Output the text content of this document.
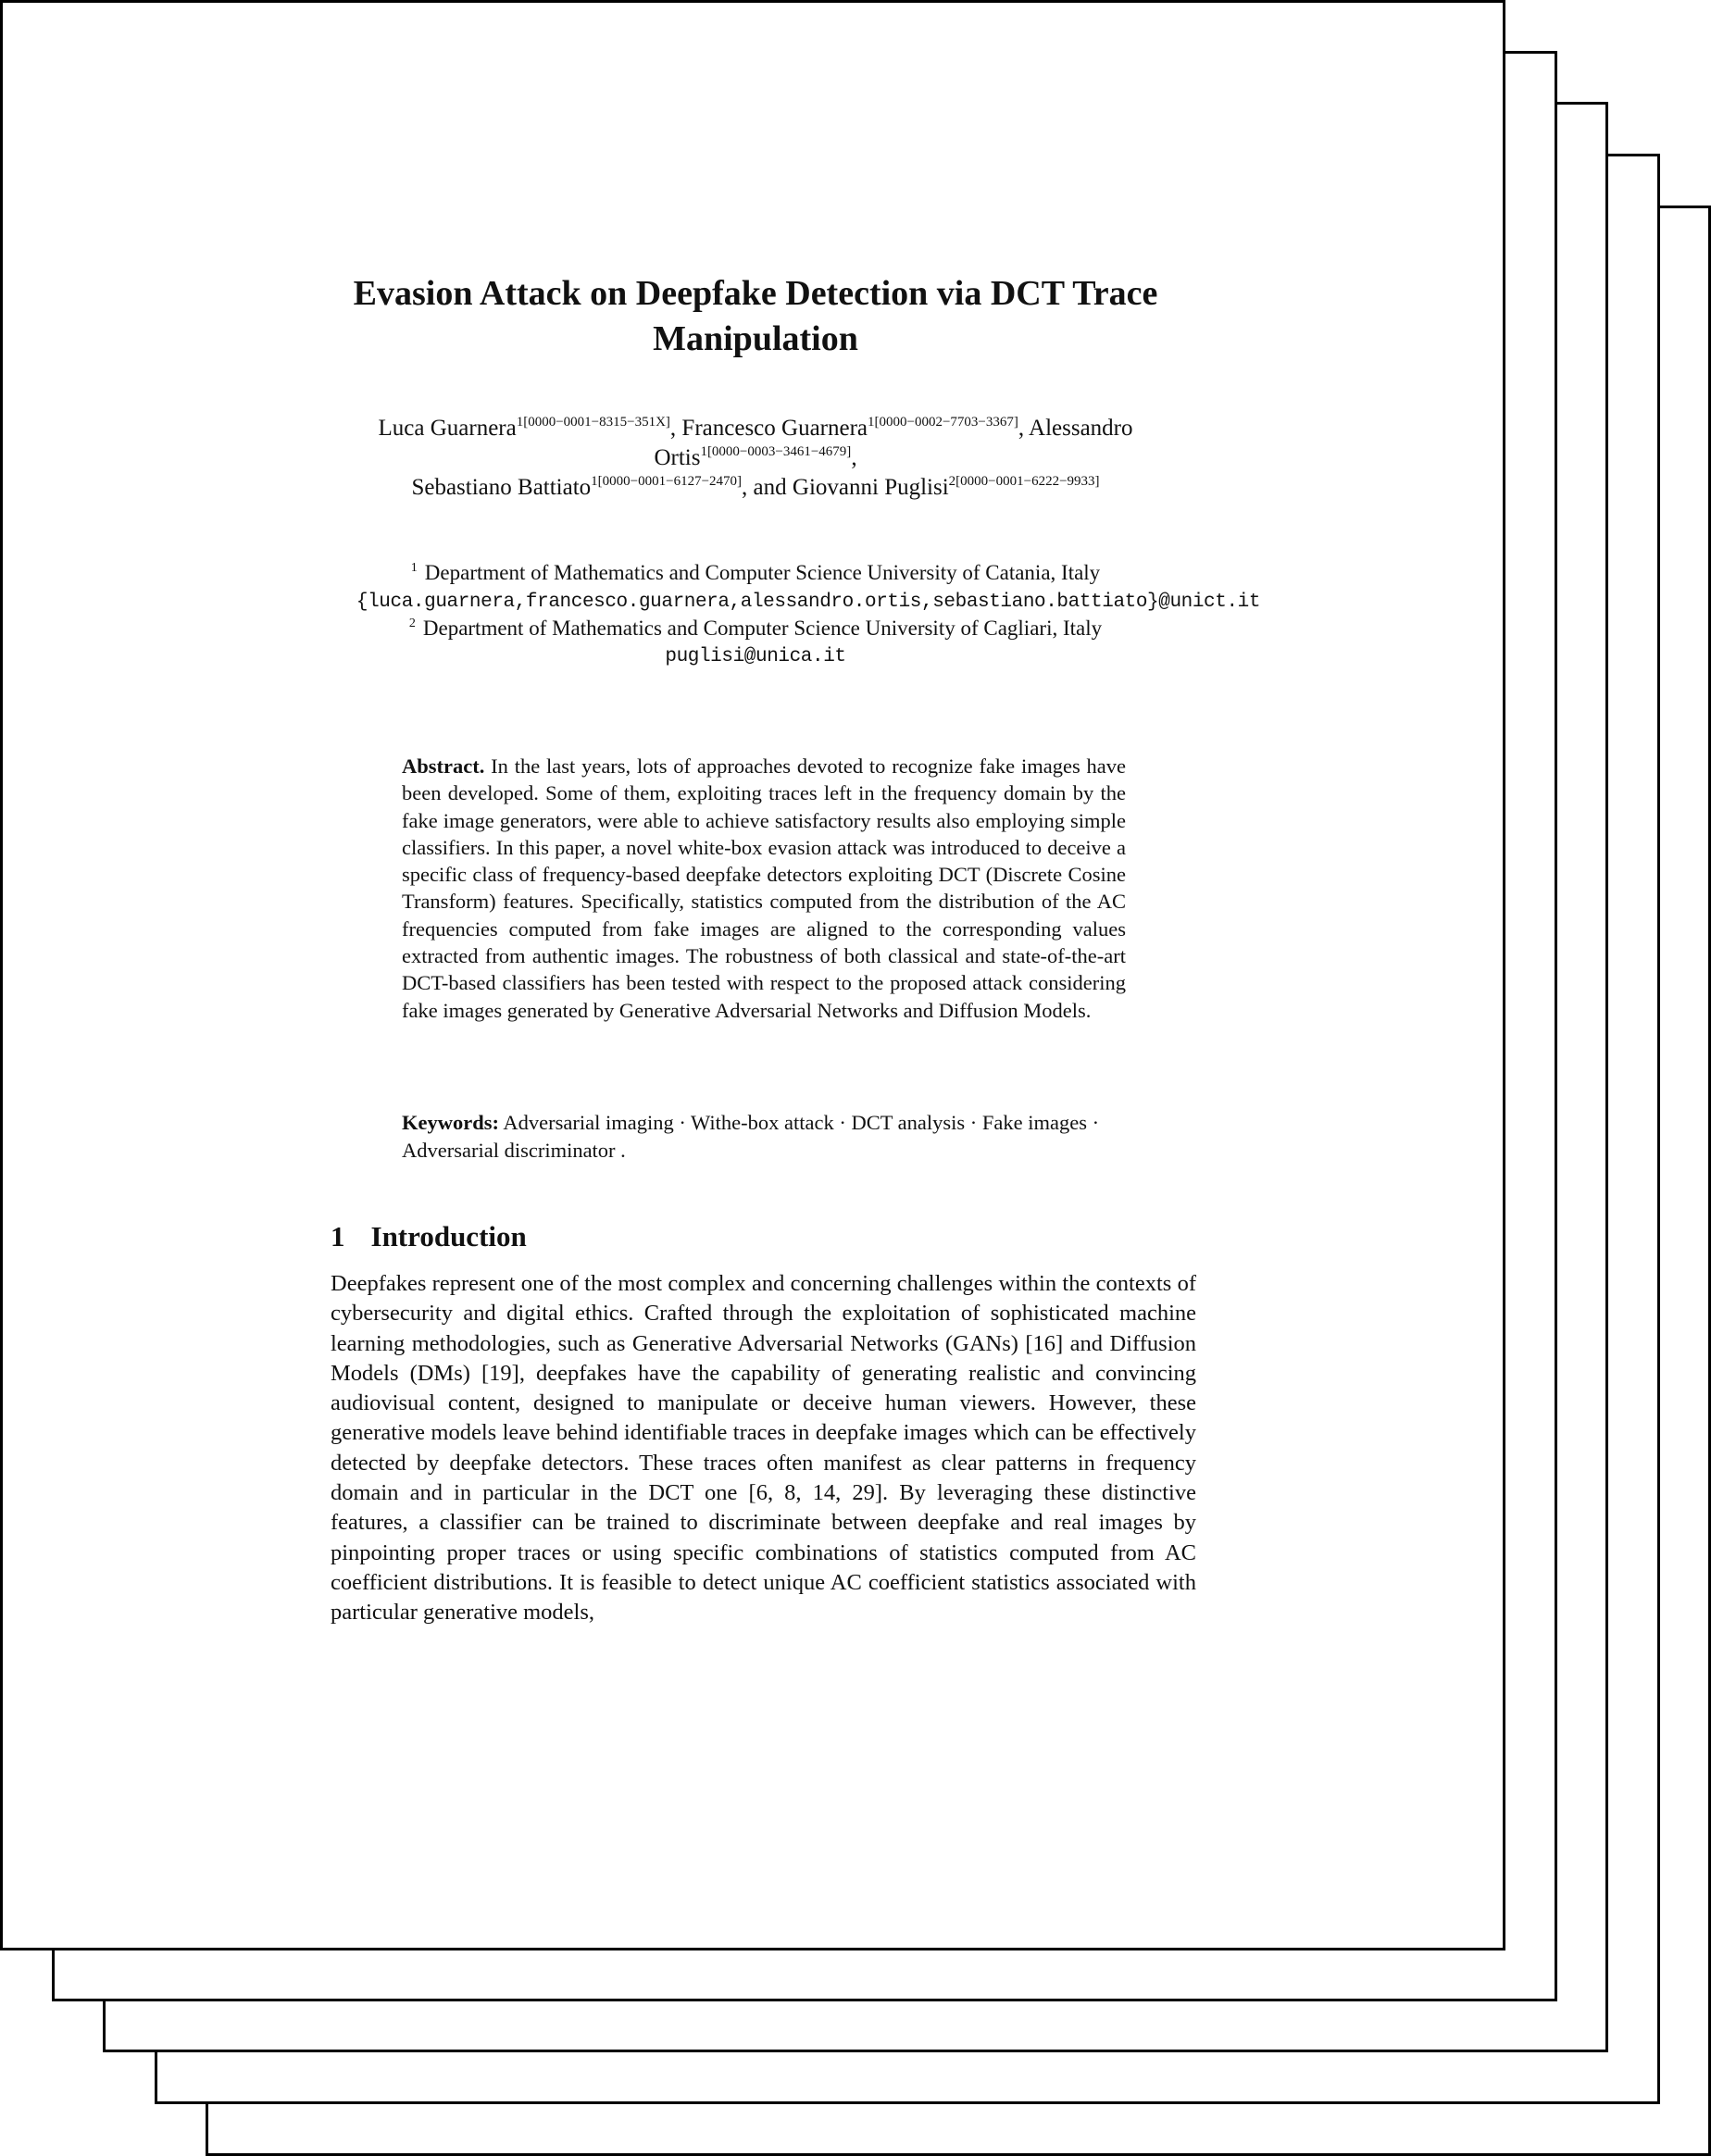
Evasion Attack on Deepfake Detection via DCT Trace Manipulation
Luca Guarnera$^{1[0000-0001-8315-351X]}$, Francesco Guarnera$^{1[0000-0002-7703-3367]}$, Alessandro Ortis$^{1[0000-0003-3461-4679]}$,
Sebastiano Battiato$^{1[0000-0001-6127-2470]}$, and Giovanni Puglisi$^{2[0000-0001-6222-9933]}$
$^1$ Department of Mathematics and Computer Science University of Catania, Italy
{luca.guarnera,francesco.guarnera,alessandro.ortis,sebastiano.battiato}@unict.it
$^2$ Department of Mathematics and Computer Science University of Cagliari, Italy
puglisi@unica.it

Abstract. In the last years, lots of approaches devoted to recognize fake images have been developed. Some of them, exploiting traces left in the frequency domain by the fake image generators, were able to achieve satisfactory results also employing simple classifiers. In this paper, a novel white-box evasion attack was introduced to deceive a specific class of frequency-based deepfake detectors exploiting DCT (Discrete Cosine Transform) features. Specifically, statistics computed from the distribution of the AC frequencies computed from fake images are aligned to the corresponding values extracted from authentic images. The robustness of both classical and state-of-the-art DCT-based classifiers has been tested with respect to the proposed attack considering fake images generated by Generative Adversarial Networks and Diffusion Models.

Keywords: Adversarial imaging · Withe-box attack · DCT analysis · Fake images · Adversarial discriminator .

1 Introduction

Deepfakes represent one of the most complex and concerning challenges within the contexts of cybersecurity and digital ethics. Crafted through the exploitation of sophisticated machine learning methodologies, such as Generative Adversarial Networks (GANs) [16] and Diffusion Models (DMs) [19], deepfakes have the capability of generating realistic and convincing audiovisual content, designed to manipulate or deceive human viewers. However, these generative models leave behind identifiable traces in deepfake images which can be effectively detected by deepfake detectors. These traces often manifest as clear patterns in frequency domain and in particular in the DCT one [6, 8, 14, 29]. By leveraging these distinctive features, a classifier can be trained to discriminate between deepfake and real images by pinpointing proper traces or using specific combinations of statistics computed from AC coefficient distributions. It is feasible to detect unique AC coefficient statistics associated with particular generative models,
